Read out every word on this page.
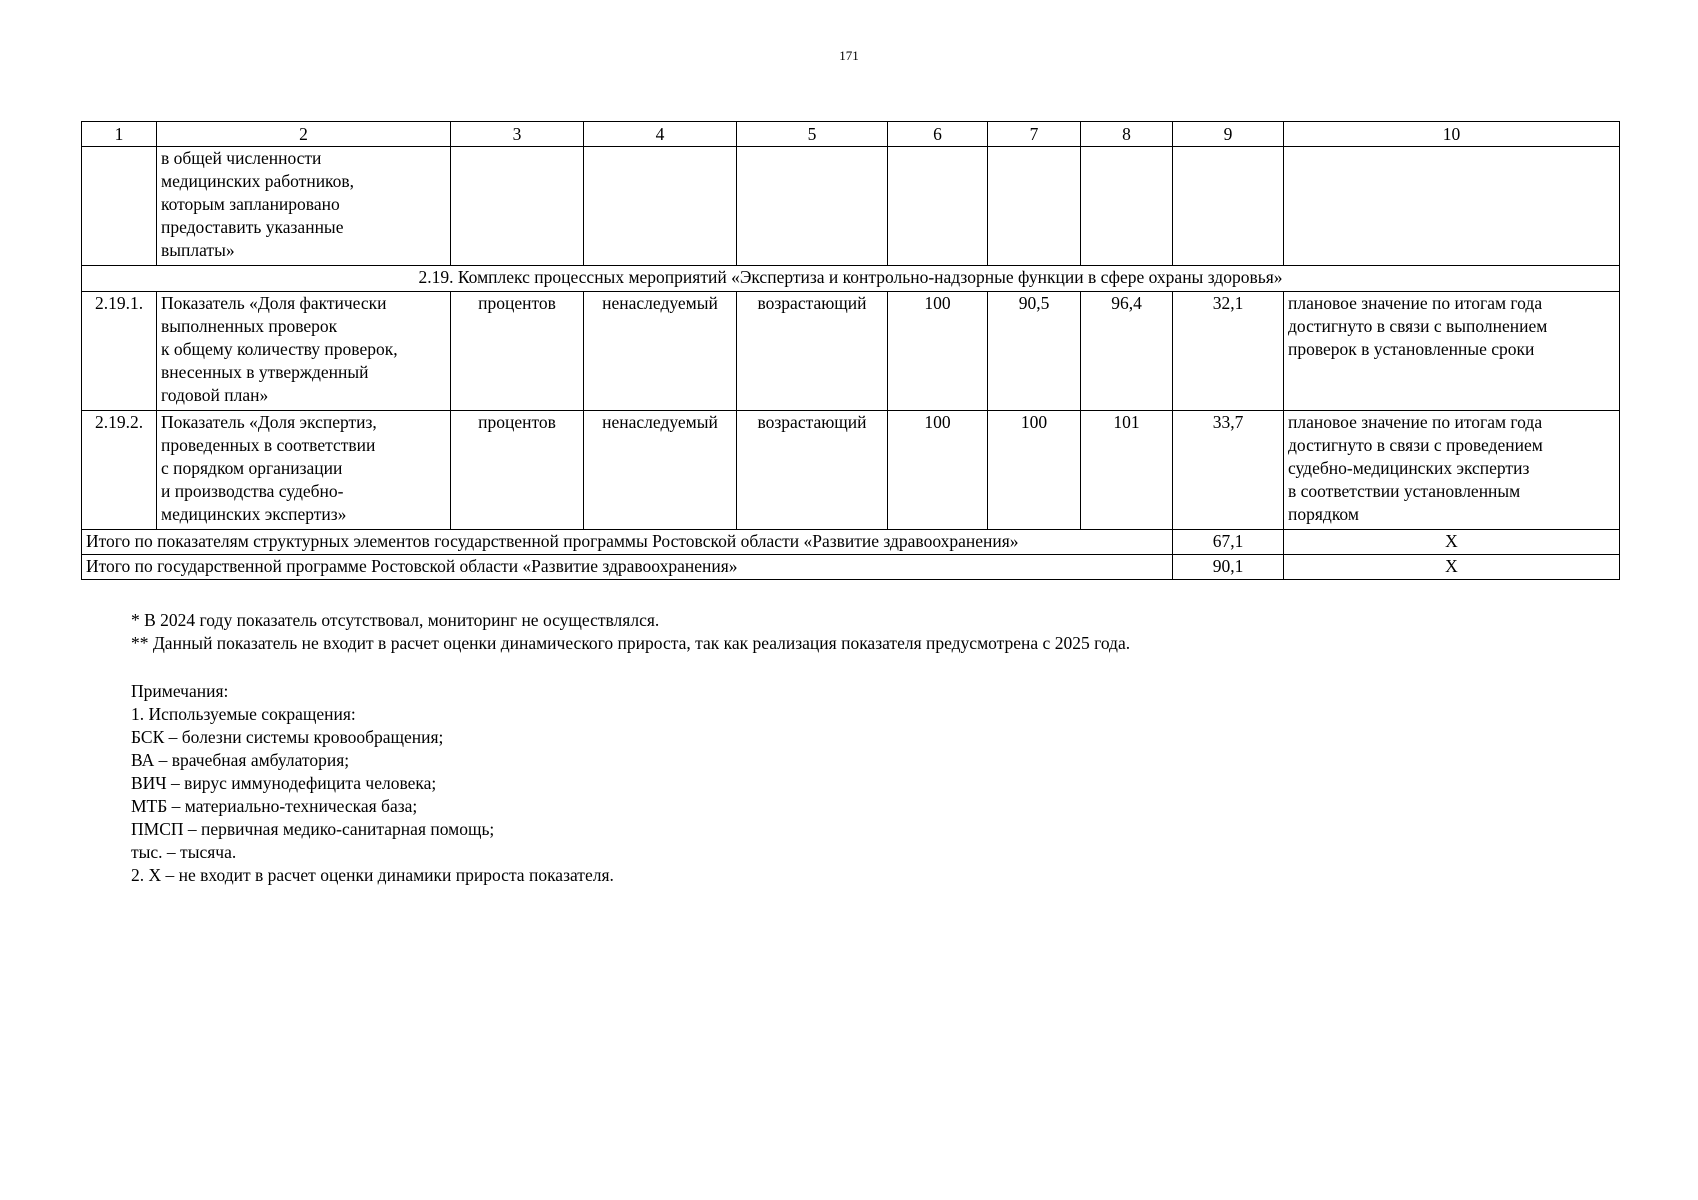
171
1	2	3	4	5	6	7	8	9	10
	в общей численности
медицинских работников,
которым запланировано
предоставить указанные
выплаты»								
2.19. Комплекс процессных мероприятий «Экспертиза и контрольно-надзорные функции в сфере охраны здоровья»									
2.19.1.	Показатель «Доля фактически
выполненных проверок
к общему количеству проверок,
внесенных в утвержденный
годовой план»	процентов	ненаследуемый	возрастающий	100	90,5	96,4	32,1	плановое значение по итогам года
достигнуто в связи с выполнением
проверок в установленные сроки
2.19.2.	Показатель «Доля экспертиз,
проведенных в соответствии
с порядком организации
и производства судебно-
медицинских экспертиз»	процентов	ненаследуемый	возрастающий	100	100	101	33,7	плановое значение по итогам года
достигнуто в связи с проведением
судебно-медицинских экспертиз
в соответствии установленным
порядком
Итого по показателям структурных элементов государственной программы Ростовской области «Развитие здравоохранения»								67,1	X
Итого по государственной программе Ростовской области «Развитие здравоохранения»								90,1	X
* В 2024 году показатель отсутствовал, мониторинг не осуществлялся.
** Данный показатель не входит в расчет оценки динамического прироста, так как реализация показателя предусмотрена с 2025 года.
Примечания:
1. Используемые сокращения:
БСК – болезни системы кровообращения;
ВА – врачебная амбулатория;
ВИЧ – вирус иммунодефицита человека;
МТБ – материально-техническая база;
ПМСП – первичная медико-санитарная помощь;
тыс. – тысяча.
2. X – не входит в расчет оценки динамики прироста показателя.
